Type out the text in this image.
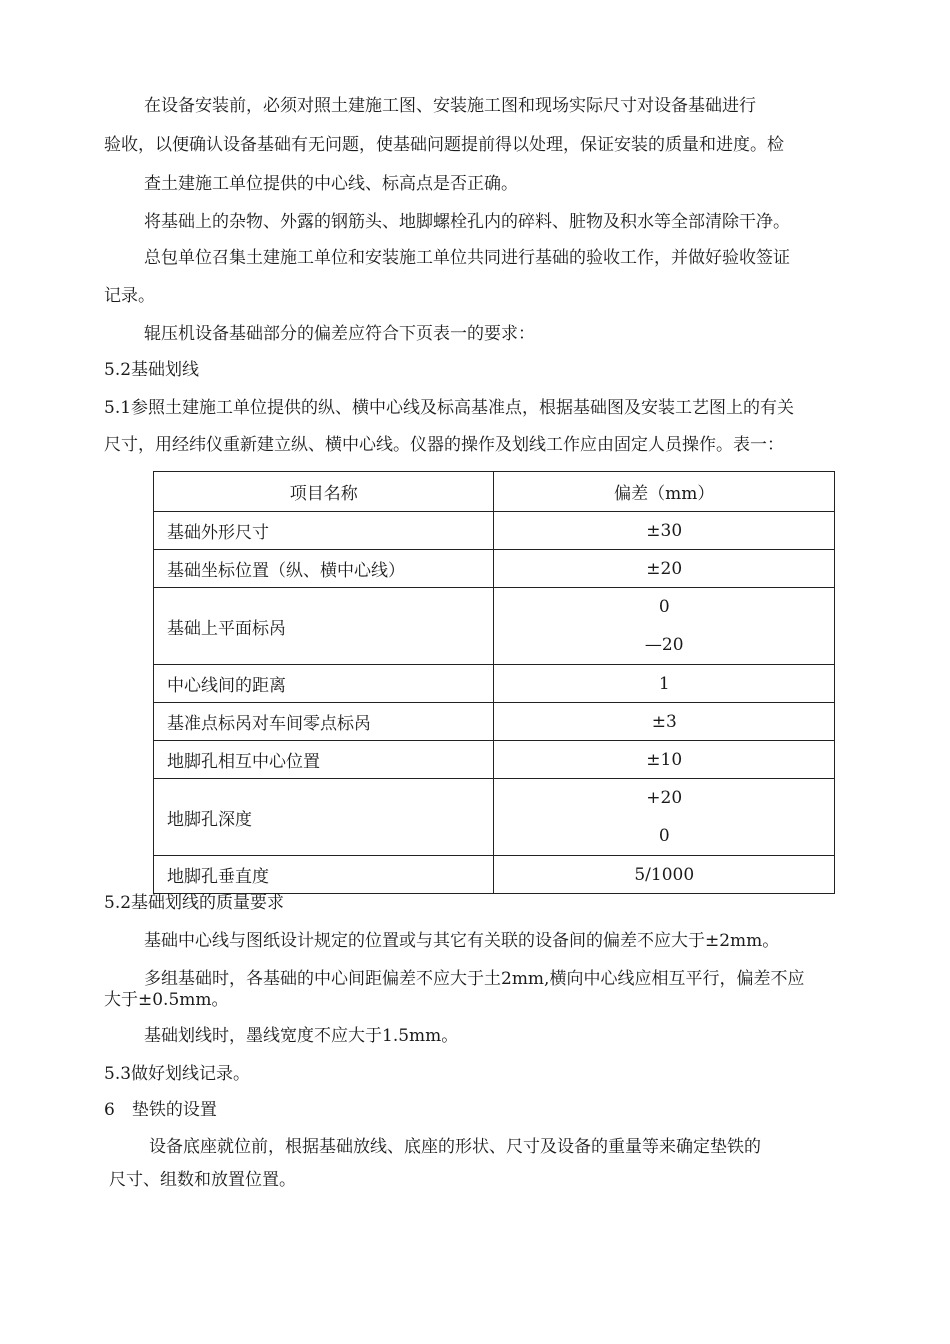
在设备安装前，必须对照土建施工图、安装施工图和现场实际尺寸对设备基础进行
验收，以便确认设备基础有无问题，使基础问题提前得以处理，保证安装的质量和进度。检
查土建施工单位提供的中心线、标高点是否正确。
将基础上的杂物、外露的钢筋头、地脚螺栓孔内的碎料、脏物及积水等全部清除干净。
总包单位召集土建施工单位和安装施工单位共同进行基础的验收工作，并做好验收签证
记录。
辊压机设备基础部分的偏差应符合下页表一的要求：
5.2基础划线
5.1参照土建施工单位提供的纵、横中心线及标高基准点，根据基础图及安装工艺图上的有关
尺寸，用经纬仪重新建立纵、横中心线。仪器的操作及划线工作应由固定人员操作。表一：
项目名称	偏差（mm）
基础外形尺寸	±30
基础坐标位置（纵、横中心线）	±20
基础上平面标呙	0
—20

中心线间的距离	1
基准点标呙对车间零点标呙	±3
地脚孔相互中心位置	±10
地脚孔深度	+20
0

地脚孔垂直度	5/1000
5.2基础划线的质量要求
基础中心线与图纸设计规定的位置或与其它有关联的设备间的偏差不应大于±2mm。
多组基础时，各基础的中心间距偏差不应大于土2mm,横向中心线应相互平行，偏差不应
大于±0.5mm。
基础划线时，墨线宽度不应大于1.5mm。
5.3做好划线记录。
6　垫铁的设置
设备底座就位前，根据基础放线、底座的形状、尺寸及设备的重量等来确定垫铁的
尺寸、组数和放置位置。
